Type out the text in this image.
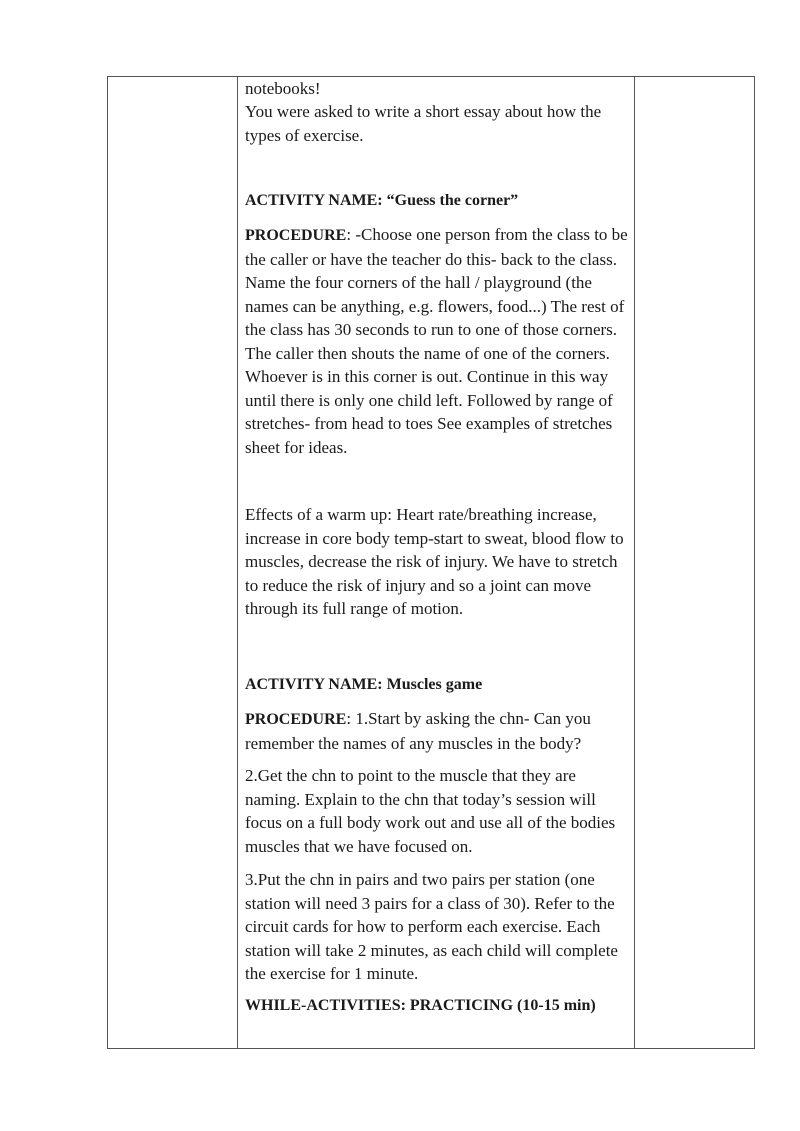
notebooks!

You were asked to write a short essay about how the types of exercise.

ACTIVITY NAME: “Guess the corner”

PROCEDURE: -Choose one person from the class to be the caller or have the teacher do this- back to the class. Name the four corners of the hall / playground (the names can be anything, e.g. flowers, food...) The rest of the class has 30 seconds to run to one of those corners. The caller then shouts the name of one of the corners. Whoever is in this corner is out. Continue in this way until there is only one child left. Followed by range of stretches- from head to toes See examples of stretches sheet for ideas.

Effects of a warm up: Heart rate/breathing increase, increase in core body temp-start to sweat, blood flow to muscles, decrease the risk of injury. We have to stretch to reduce the risk of injury and so a joint can move through its full range of motion.

ACTIVITY NAME: Muscles game

PROCEDURE: 1.Start by asking the chn- Can you remember the names of any muscles in the body?

2.Get the chn to point to the muscle that they are naming. Explain to the chn that today’s session will focus on a full body work out and use all of the bodies muscles that we have focused on.

3.Put the chn in pairs and two pairs per station (one station will need 3 pairs for a class of 30). Refer to the circuit cards for how to perform each exercise. Each station will take 2 minutes, as each child will complete the exercise for 1 minute.

WHILE-ACTIVITIES: PRACTICING (10-15 min)
